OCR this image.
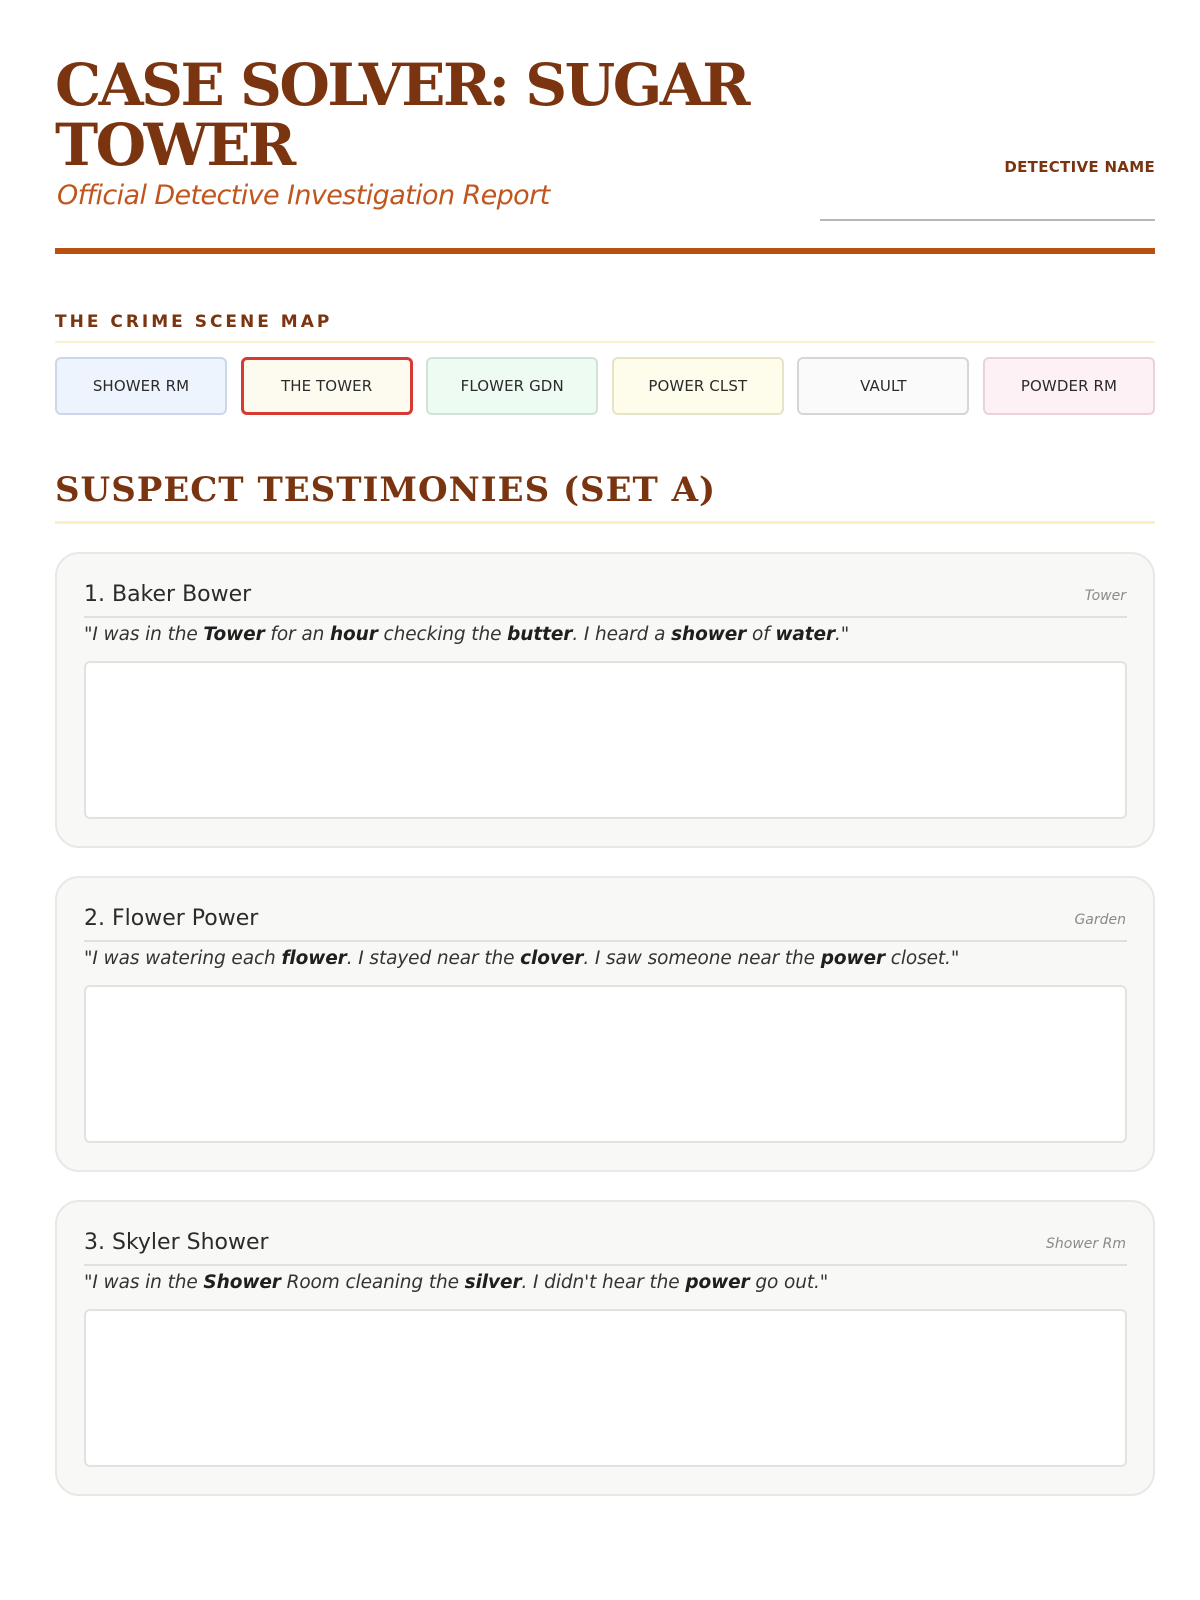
CASE SOLVER: SUGAR TOWER
Official Detective Investigation Report
DETECTIVE NAME
THE CRIME SCENE MAP
SHOWER RM	THE TOWER	FLOWER GDN	POWER CLST	VAULT	POWDER RM
SUSPECT TESTIMONIES (SET A)
1. Baker Bower	Tower
"I was in the Tower for an hour checking the butter. I heard a shower of water."
2. Flower Power	Garden
"I was watering each flower. I stayed near the clover. I saw someone near the power closet."
3. Skyler Shower	Shower Rm
"I was in the Shower Room cleaning the silver. I didn't hear the power go out."
